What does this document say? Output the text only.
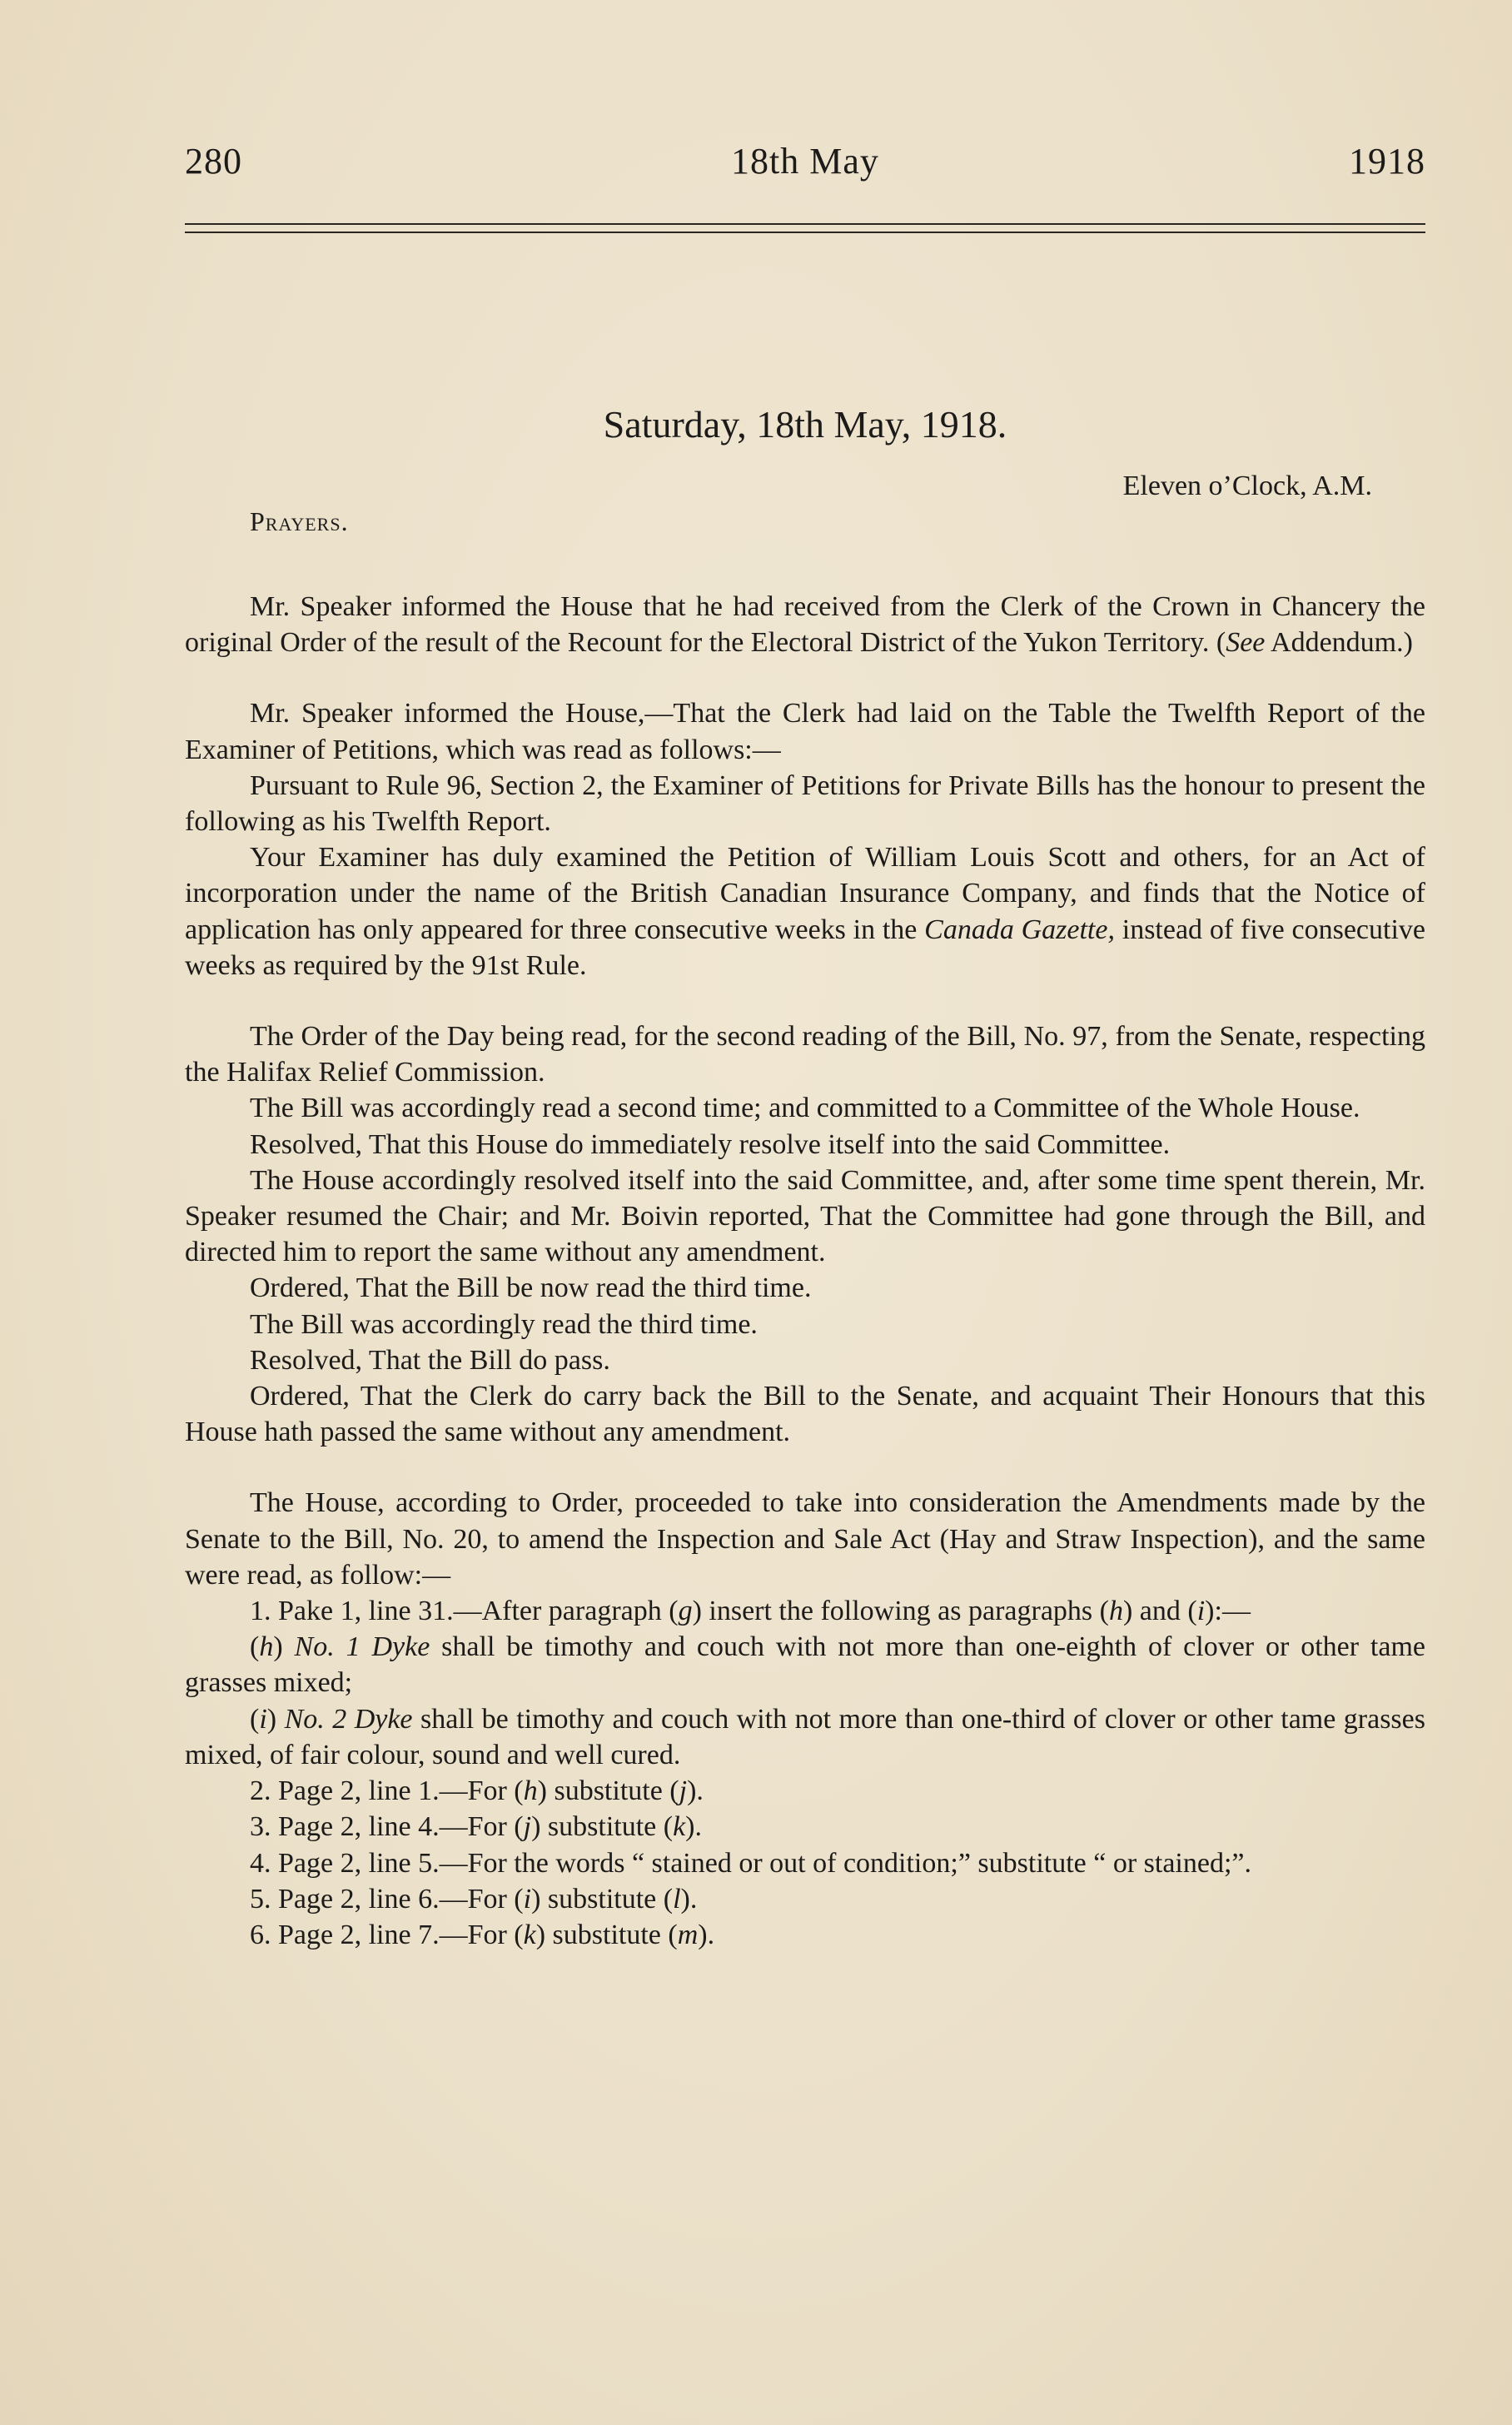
280	18th May	1918
Saturday, 18th May, 1918.
Eleven o’Clock, A.M.
Prayers.

Mr. Speaker informed the House that he had received from the Clerk of the Crown in Chancery the original Order of the result of the Recount for the Electoral District of the Yukon Territory. (See Addendum.)

Mr. Speaker informed the House,—That the Clerk had laid on the Table the Twelfth Report of the Examiner of Petitions, which was read as follows:—

Pursuant to Rule 96, Section 2, the Examiner of Petitions for Private Bills has the honour to present the following as his Twelfth Report.

Your Examiner has duly examined the Petition of William Louis Scott and others, for an Act of incorporation under the name of the British Canadian Insurance Company, and finds that the Notice of application has only appeared for three consecutive weeks in the Canada Gazette, instead of five consecutive weeks as required by the 91st Rule.

The Order of the Day being read, for the second reading of the Bill, No. 97, from the Senate, respecting the Halifax Relief Commission.

The Bill was accordingly read a second time; and committed to a Committee of the Whole House.

Resolved, That this House do immediately resolve itself into the said Committee.

The House accordingly resolved itself into the said Committee, and, after some time spent therein, Mr. Speaker resumed the Chair; and Mr. Boivin reported, That the Committee had gone through the Bill, and directed him to report the same without any amendment.

Ordered, That the Bill be now read the third time.

The Bill was accordingly read the third time.

Resolved, That the Bill do pass.

Ordered, That the Clerk do carry back the Bill to the Senate, and acquaint Their Honours that this House hath passed the same without any amendment.

The House, according to Order, proceeded to take into consideration the Amendments made by the Senate to the Bill, No. 20, to amend the Inspection and Sale Act (Hay and Straw Inspection), and the same were read, as follow:—

1. Pake 1, line 31.—After paragraph (g) insert the following as paragraphs (h) and (i):—

(h) No. 1 Dyke shall be timothy and couch with not more than one-eighth of clover or other tame grasses mixed;

(i) No. 2 Dyke shall be timothy and couch with not more than one-third of clover or other tame grasses mixed, of fair colour, sound and well cured.

2. Page 2, line 1.—For (h) substitute (j).

3. Page 2, line 4.—For (j) substitute (k).

4. Page 2, line 5.—For the words “ stained or out of condition;” substitute “ or stained;”.

5. Page 2, line 6.—For (i) substitute (l).

6. Page 2, line 7.—For (k) substitute (m).
